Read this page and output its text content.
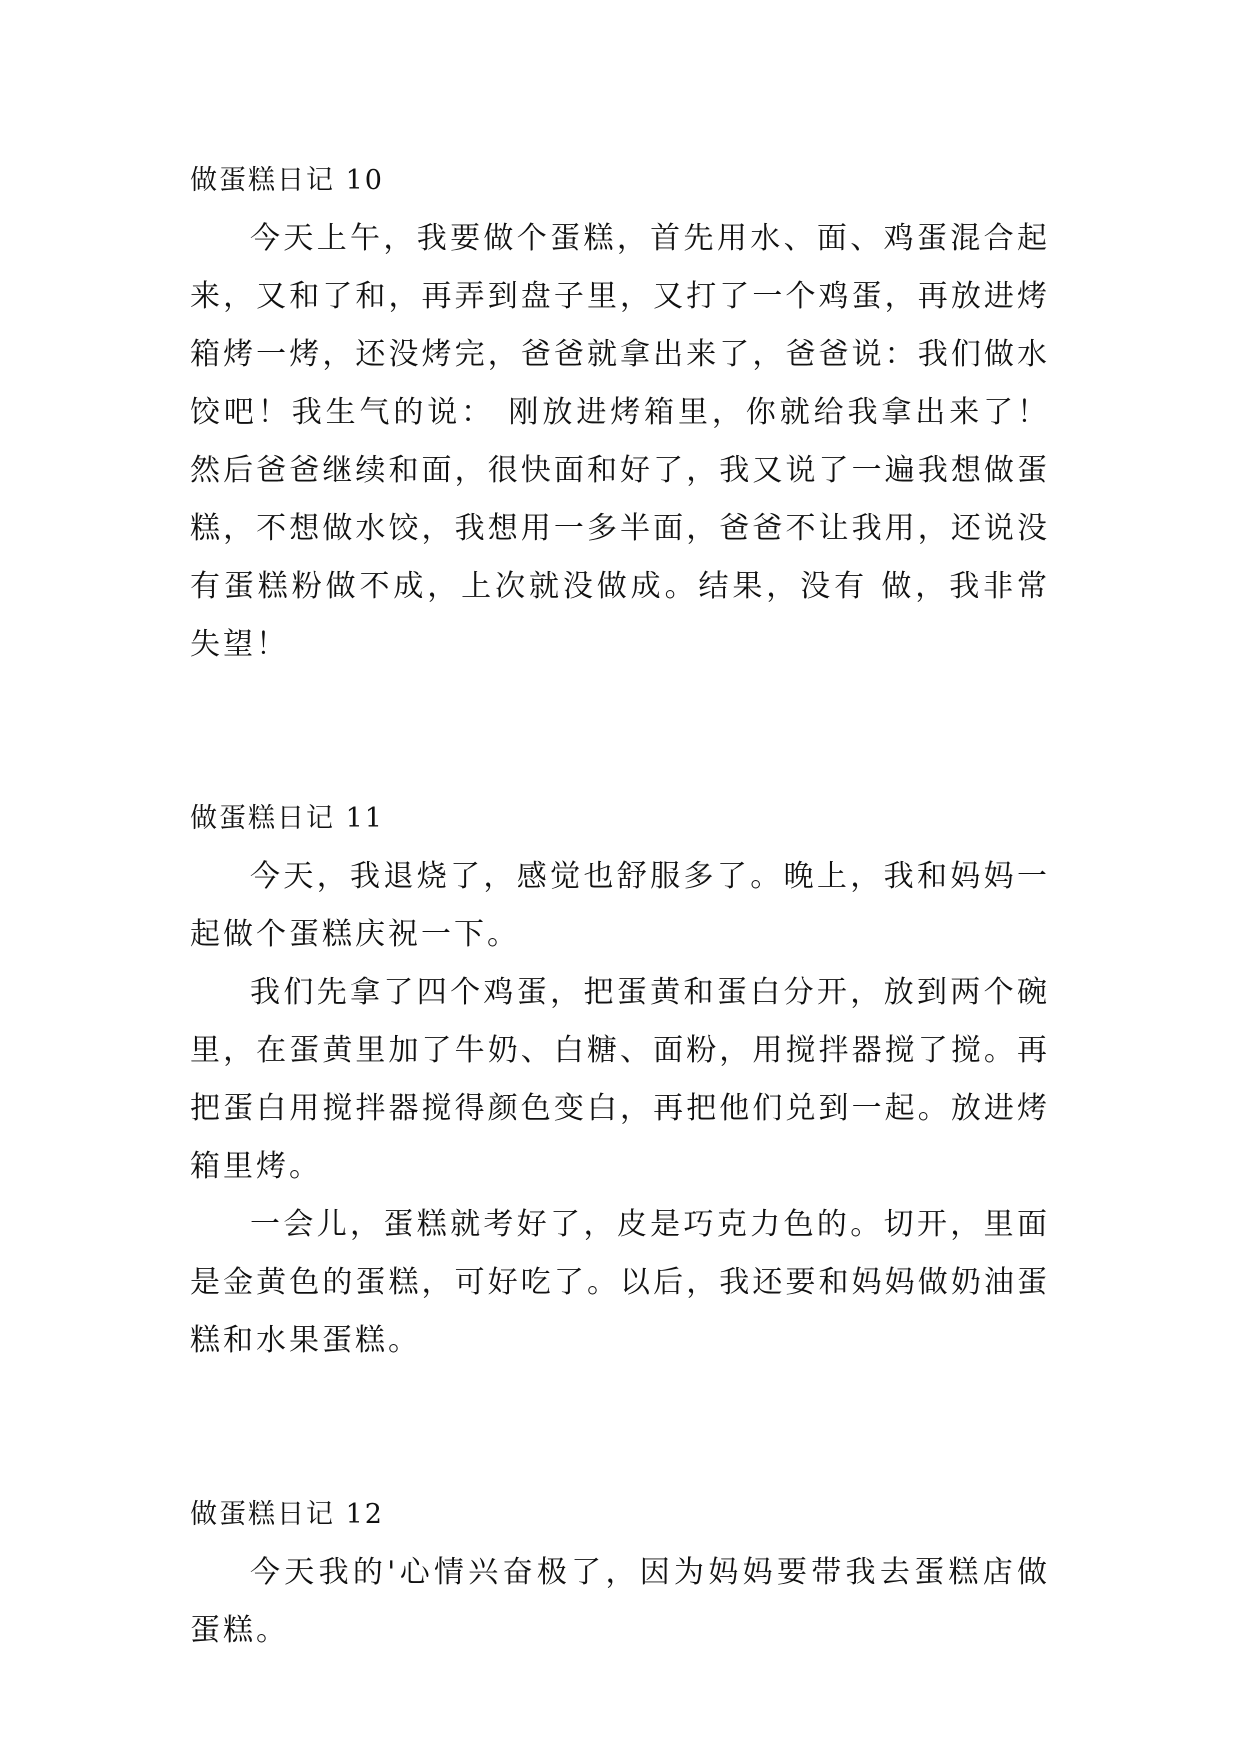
做蛋糕日记 10

今天上午，我要做个蛋糕，首先用水、面、鸡蛋混合起来，又和了和，再弄到盘子里，又打了一个鸡蛋，再放进烤箱烤一烤，还没烤完，爸爸就拿出来了，爸爸说：我们做水饺吧！我生气的说： 刚放进烤箱里，你就给我拿出来了！然后爸爸继续和面，很快面和好了，我又说了一遍我想做蛋糕，不想做水饺，我想用一多半面，爸爸不让我用，还说没有蛋糕粉做不成，上次就没做成。结果，没有 做，我非常失望！

做蛋糕日记 11

今天，我退烧了，感觉也舒服多了。晚上，我和妈妈一起做个蛋糕庆祝一下。

我们先拿了四个鸡蛋，把蛋黄和蛋白分开，放到两个碗里，在蛋黄里加了牛奶、白糖、面粉，用搅拌器搅了搅。再把蛋白用搅拌器搅得颜色变白，再把他们兑到一起。放进烤箱里烤。

一会儿，蛋糕就考好了，皮是巧克力色的。切开，里面是金黄色的蛋糕，可好吃了。以后，我还要和妈妈做奶油蛋糕和水果蛋糕。

做蛋糕日记 12

今天我的'心情兴奋极了，因为妈妈要带我去蛋糕店做蛋糕。
